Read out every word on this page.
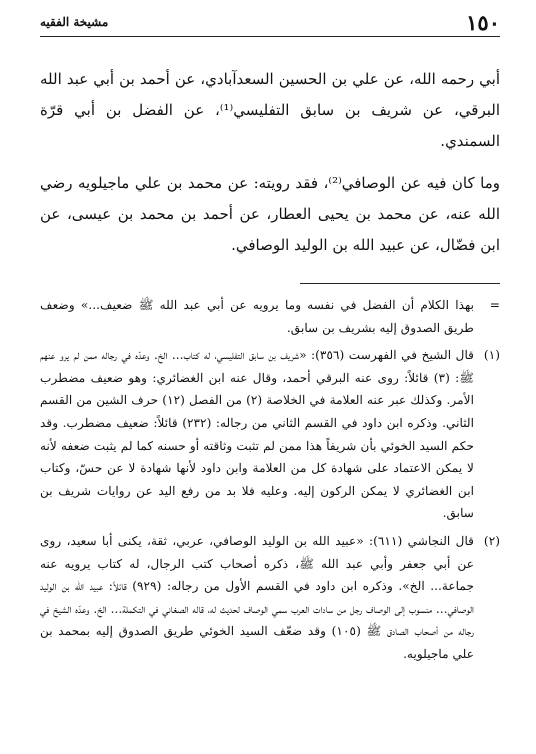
١٥٠
مشيخة الفقيه

أبي رحمه الله، عن علي بن الحسين السعدآبادي، عن أحمد بن أبي عبد الله البرقي، عن شريف بن سابق التفليسي⁽¹⁾، عن الفضل بن أبي قرّة السمندي.

وما كان فيه عن الوصافي⁽²⁾، فقد رويته: عن محمد بن علي ماجيلويه رضي الله عنه، عن محمد بن يحيى العطار، عن أحمد بن محمد بن عيسى، عن ابن فضّال، عن عبيد الله بن الوليد الوصافي.

=
بهذا الكلام أن الفضل في نفسه وما يرويه عن أبي عبد الله ﷺ ضعيف...» وضعف طريق الصدوق إليه بشريف بن سابق.
(١)
قال الشيخ في الفهرست (٣٥٦): «شريف بن سابق التفليسي، له كتاب... الخ. وعدّه في رجاله ممن لم يرو عنهم ﷺ: (٣) قائلاً: روى عنه البرقي أحمد، وقال عنه ابن الغضائري: وهو ضعيف مضطرب الأمر. وكذلك عبر عنه العلامة في الخلاصة (٢) من الفصل (١٢) حرف الشين من القسم الثاني. وذكره ابن داود في القسم الثاني من رجاله: (٢٣٢) قائلاً: ضعيف مضطرب. وقد حكم السيد الخوئي بأن شريفاً هذا ممن لم تثبت وثاقته أو حسنه كما لم يثبت ضعفه لأنه لا يمكن الاعتماد على شهادة كل من العلامة وابن داود لأنها شهادة لا عن حسّ، وكتاب ابن الغضائري لا يمكن الركون إليه. وعليه فلا بد من رفع اليد عن روايات شريف بن سابق.
(٢)
قال النجاشي (٦١١): «عبيد الله بن الوليد الوصافي، عربي، ثقة، يكنى أبا سعيد، روى عن أبي جعفر وأبي عبد الله ﷺ، ذكره أصحاب كتب الرجال، له كتاب يرويه عنه جماعة... الخ». وذكره ابن داود في القسم الأول من رجاله: (٩٢٩) قائلاً: عبيد الله بن الوليد الوصافي... منسوب إلى الوصاف رجل من سادات العرب سمي الوصاف لحديث له، قاله الصغاني في التكملة... الخ. وعدّه الشيخ في رجاله من أصحاب الصادق ﷺ (١٠٥) وقد ضعّف السيد الخوئي طريق الصدوق إليه بمحمد بن علي ماجيلويه.
